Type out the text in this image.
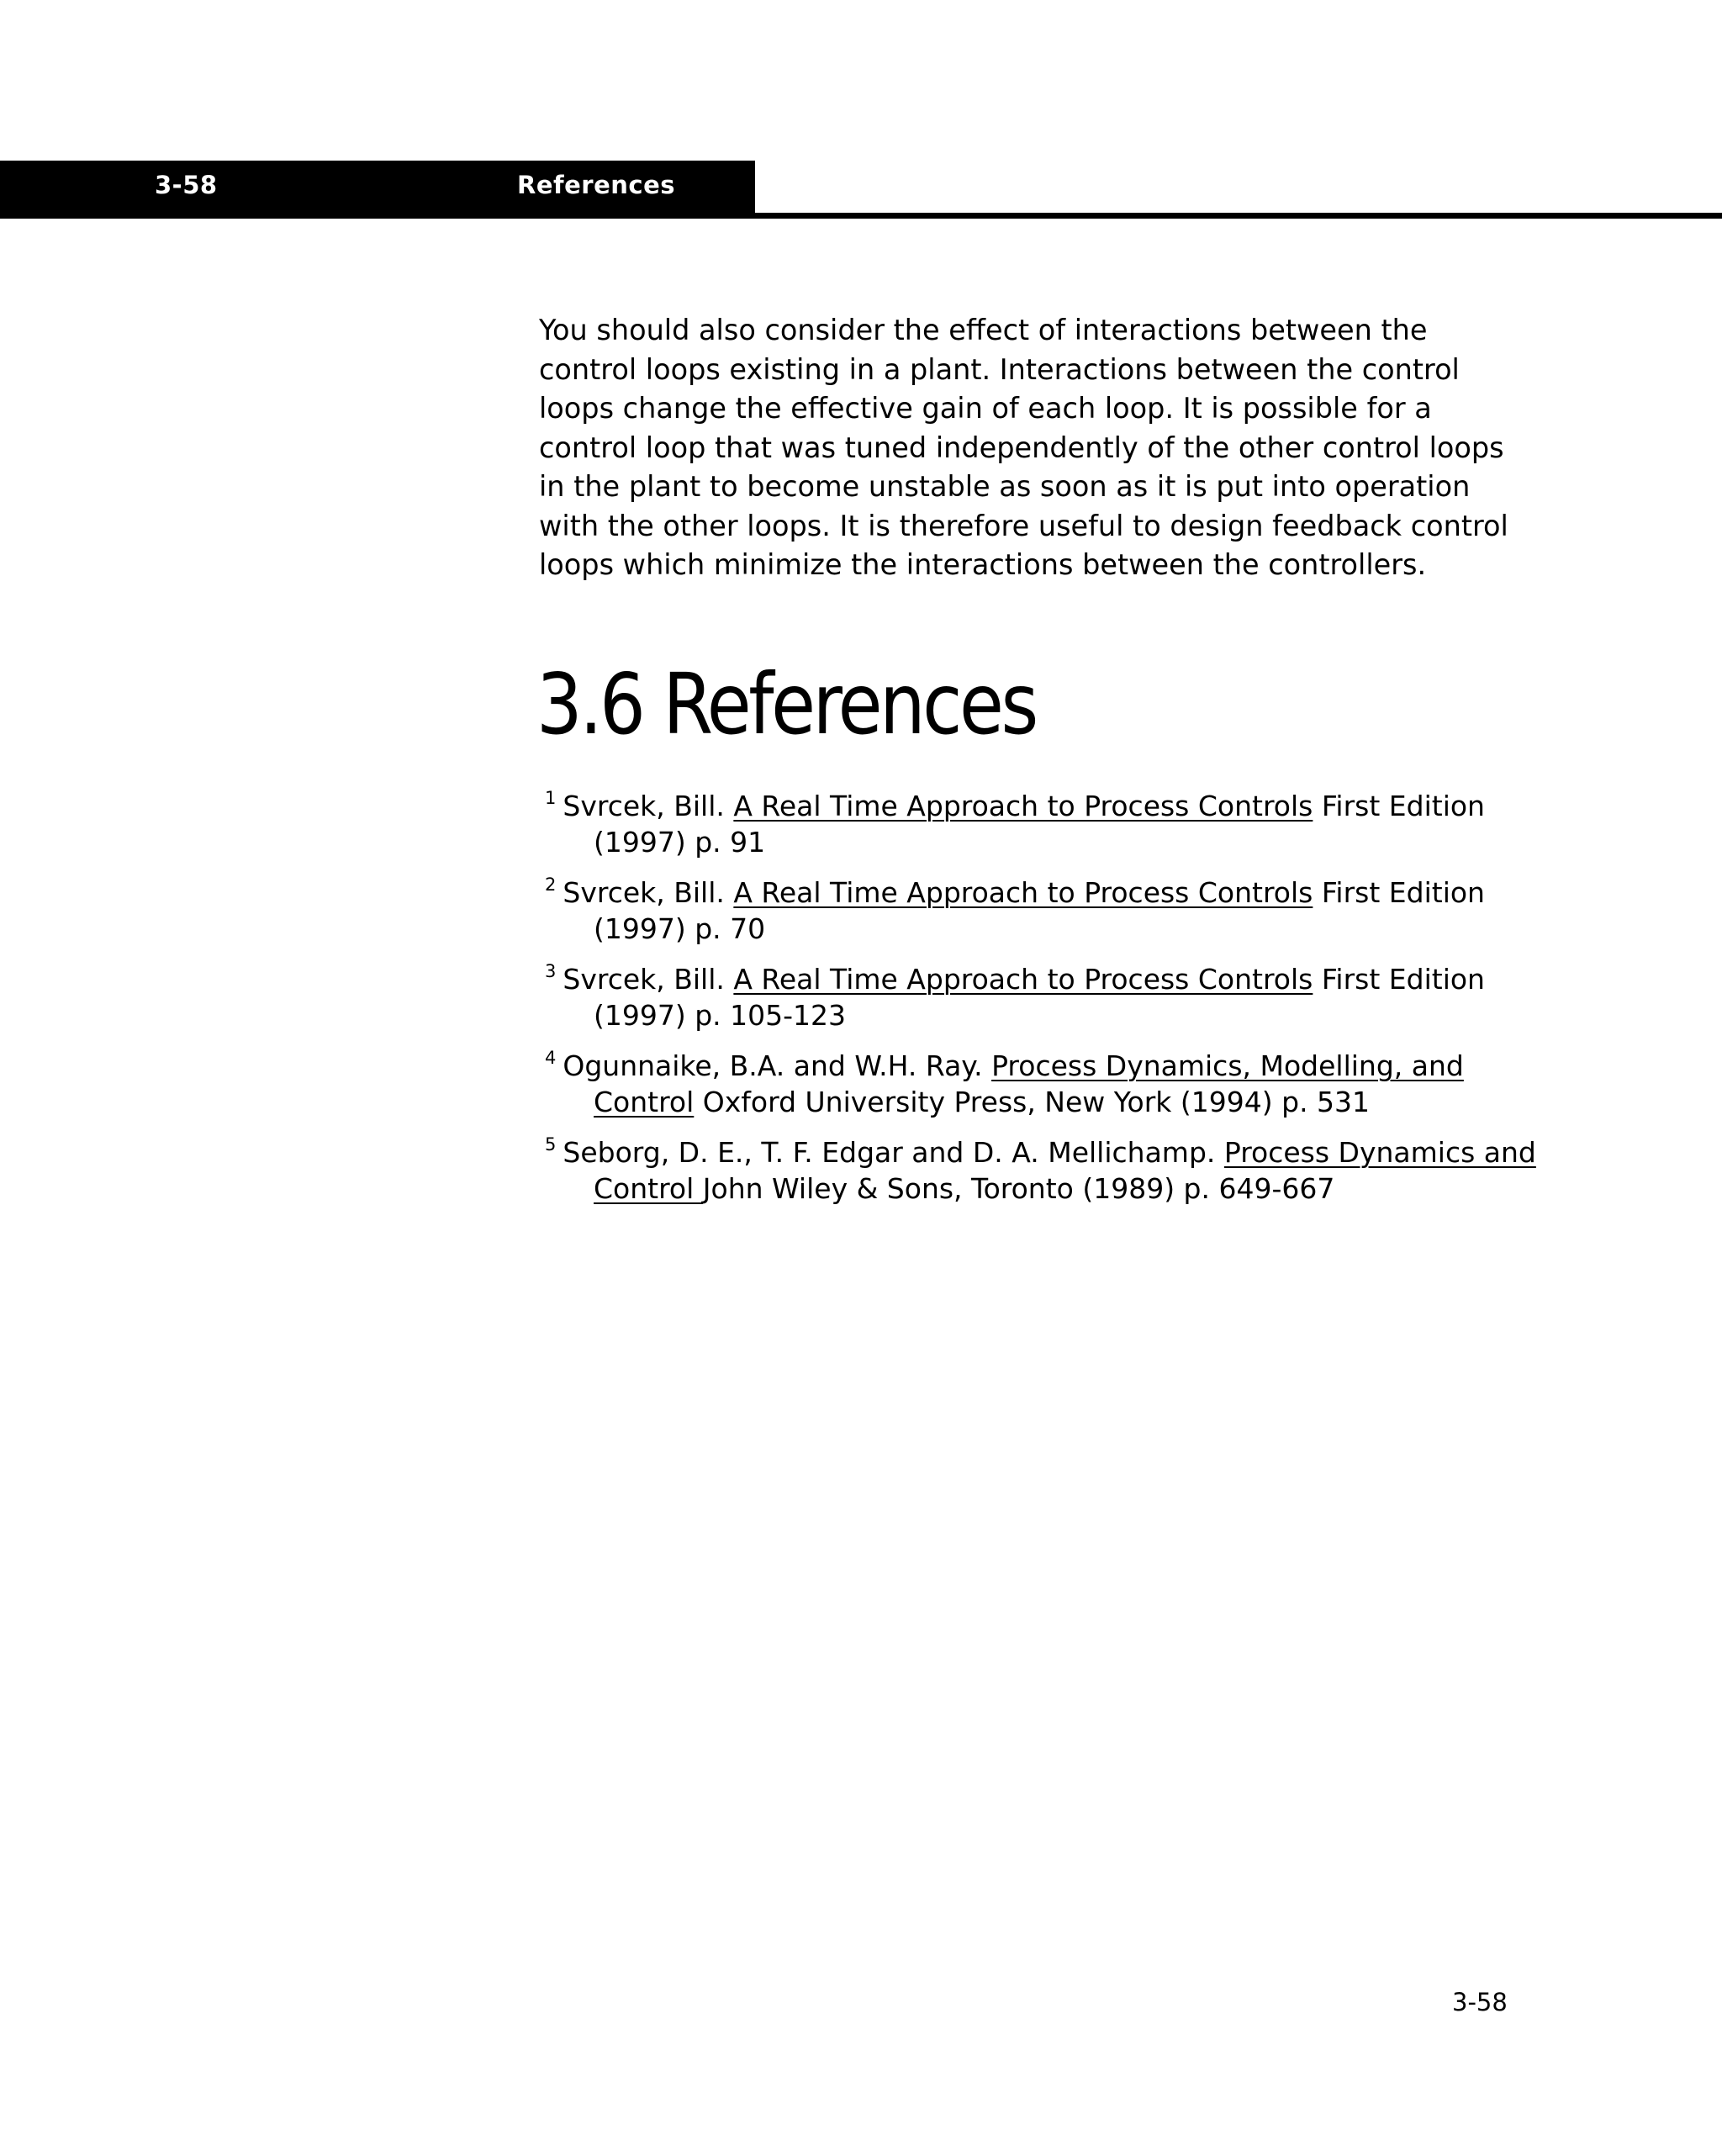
3-58	References

You should also consider the effect of interactions between the control loops existing in a plant. Interactions between the control loops change the effective gain of each loop. It is possible for a control loop that was tuned independently of the other control loops in the plant to become unstable as soon as it is put into operation with the other loops. It is therefore useful to design feedback control loops which minimize the interactions between the controllers.

3.6 References
$^1$ Svrcek, Bill. A Real Time Approach to Process Controls First Edition (1997) p. 91
$^2$ Svrcek, Bill. A Real Time Approach to Process Controls First Edition (1997) p. 70
$^3$ Svrcek, Bill. A Real Time Approach to Process Controls First Edition (1997) p. 105-123
$^4$ Ogunnaike, B.A. and W.H. Ray. Process Dynamics, Modelling, and Control Oxford University Press, New York (1994) p. 531
$^5$ Seborg, D. E., T. F. Edgar and D. A. Mellichamp. Process Dynamics and Control John Wiley & Sons, Toronto (1989) p. 649-667
3-58
